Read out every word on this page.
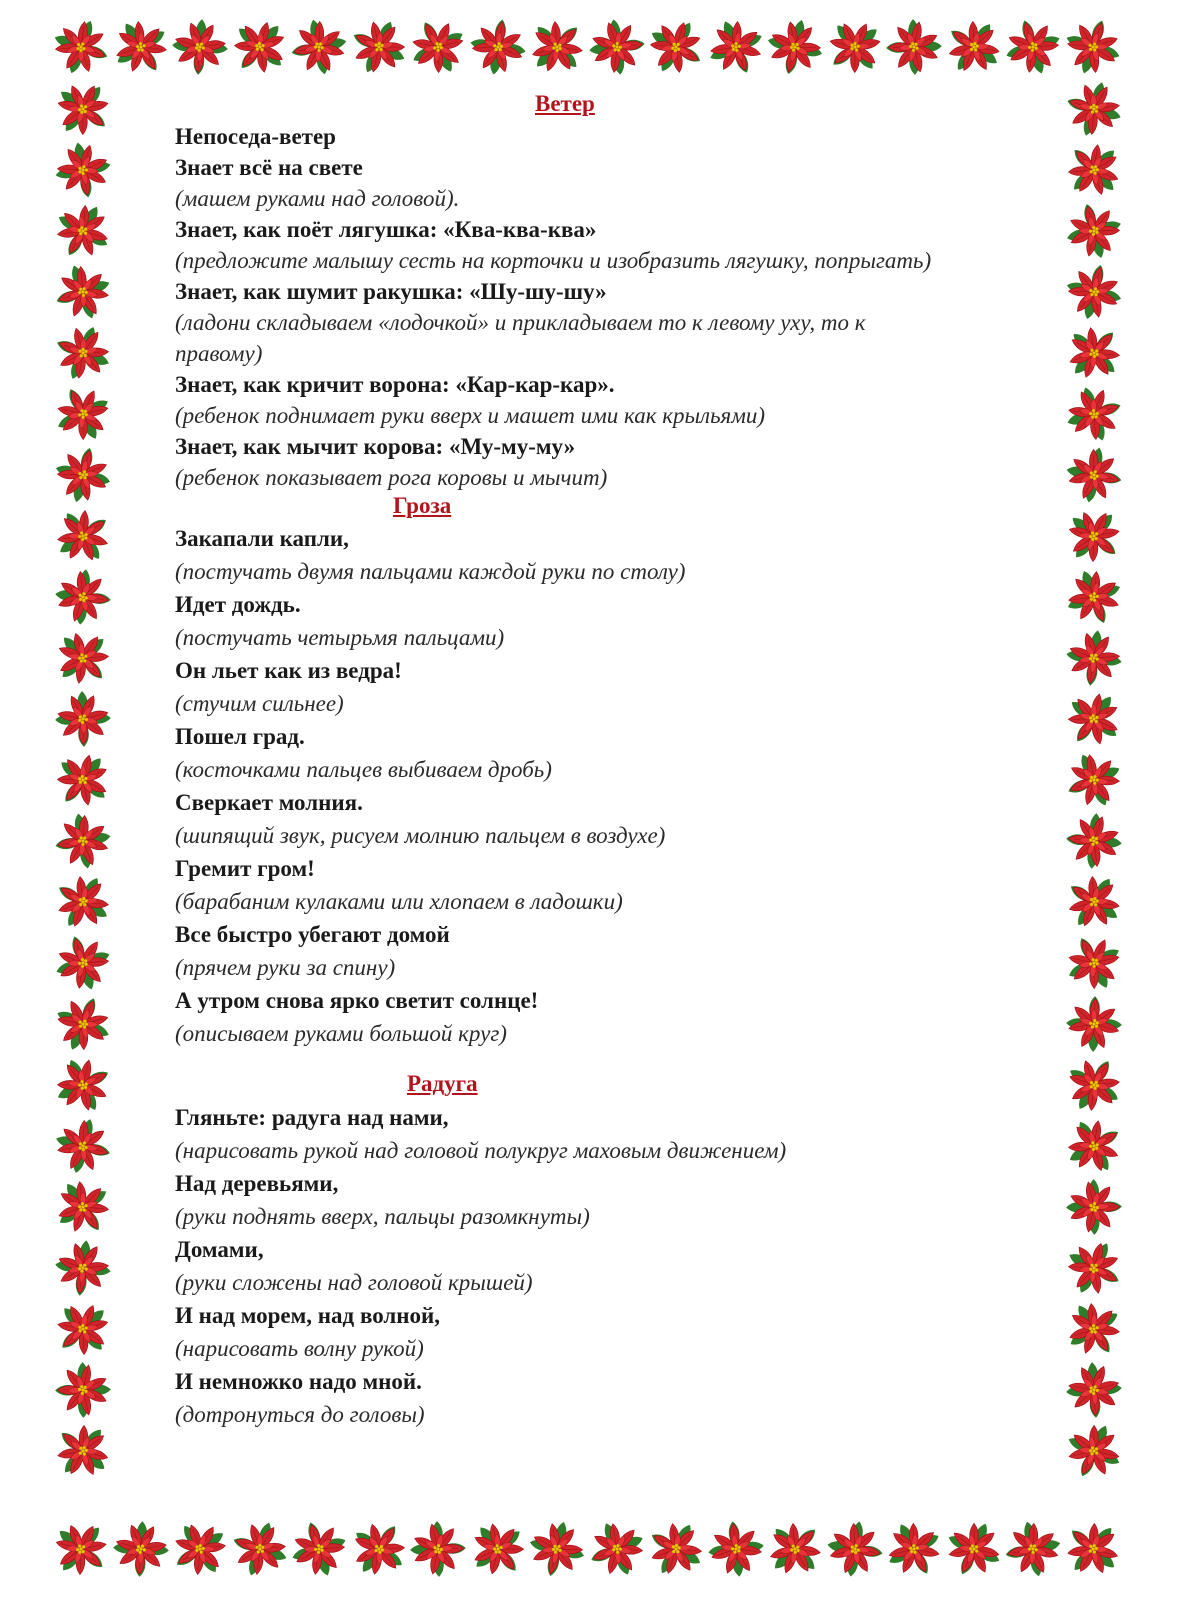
Ветер
Непоседа-ветер
Знает всё на свете
(машем руками над головой).
Знает, как поёт лягушка: «Ква-ква-ква»
(предложите малышу сесть на корточки и изобразить лягушку, попрыгать)
Знает, как шумит ракушка: «Шу-шу-шу»
(ладони складываем «лодочкой» и прикладываем то к левому уху, то к
правому)
Знает, как кричит ворона: «Кар-кар-кар».
(ребенок поднимает руки вверх и машет ими как крыльями)
Знает, как мычит корова: «Му-му-му»
(ребенок показывает рога коровы и мычит)
Гроза
Закапали капли,
(постучать двумя пальцами каждой руки по столу)
Идет дождь.
(постучать четырьмя пальцами)
Он льет как из ведра!
(стучим сильнее)
Пошел град.
(косточками пальцев выбиваем дробь)
Сверкает молния.
(шипящий звук, рисуем молнию пальцем в воздухе)
Гремит гром!
(барабаним кулаками или хлопаем в ладошки)
Все быстро убегают домой
(прячем руки за спину)
А утром снова ярко светит солнце!
(описываем руками большой круг)
Радуга
Гляньте: радуга над нами,
(нарисовать рукой над головой полукруг маховым движением)
Над деревьями,
(руки поднять вверх, пальцы разомкнуты)
Домами,
(руки сложены над головой крышей)
И над морем, над волной,
(нарисовать волну рукой)
И немножко надо мной.
(дотронуться до головы)
